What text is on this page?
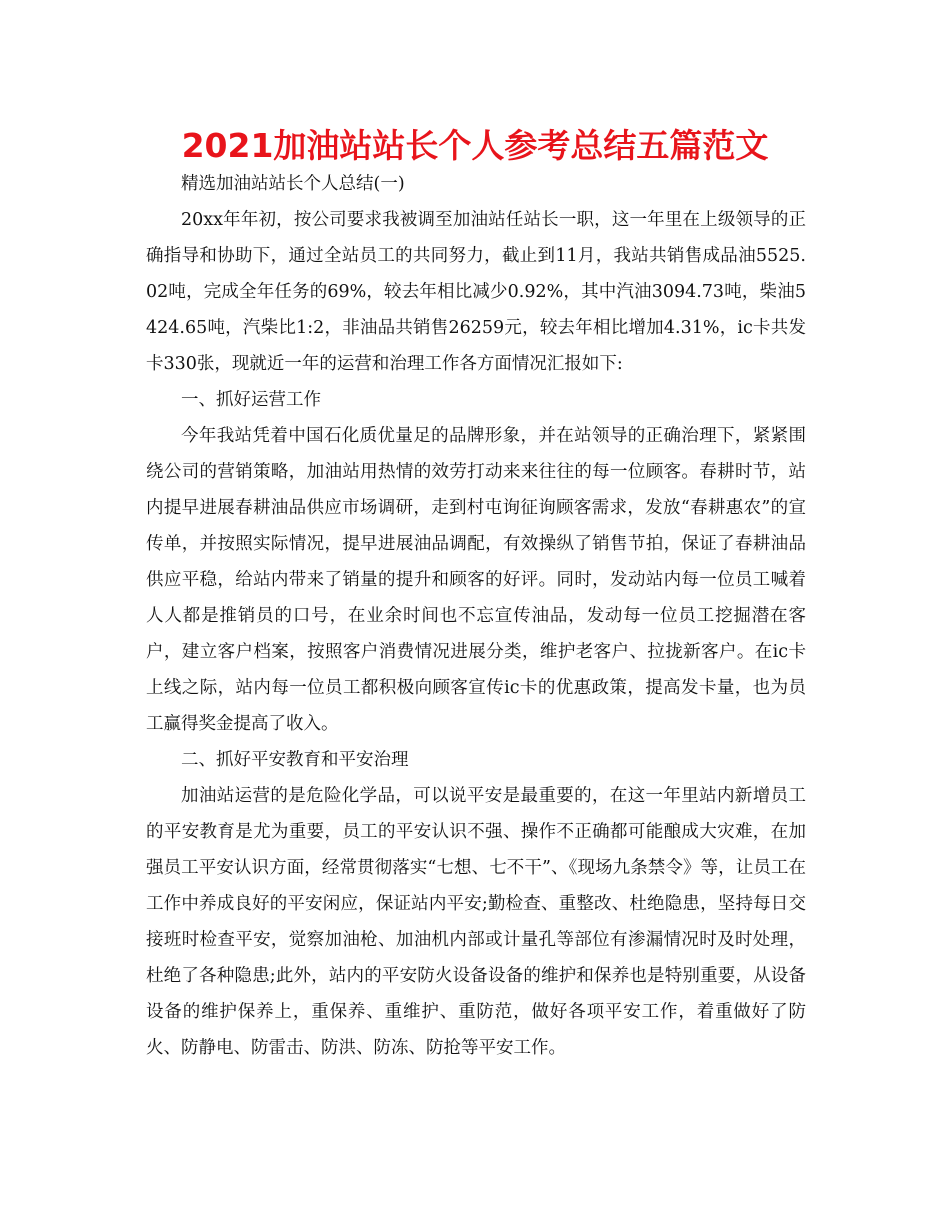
2021加油站站长个人参考总结五篇范文

精选加油站站长个人总结(一)

20xx年年初，按公司要求我被调至加油站任站长一职，这一年里在上级领导的正确指导和协助下，通过全站员工的共同努力，截止到11月，我站共销售成品油5525.02吨，完成全年任务的69%，较去年相比减少0.92%，其中汽油3094.73吨，柴油5424.65吨，汽柴比1:2，非油品共销售26259元，较去年相比增加4.31%，ic卡共发卡330张，现就近一年的运营和治理工作各方面情况汇报如下:

一、抓好运营工作

今年我站凭着中国石化质优量足的品牌形象，并在站领导的正确治理下，紧紧围绕公司的营销策略，加油站用热情的效劳打动来来往往的每一位顾客。春耕时节，站内提早进展春耕油品供应市场调研，走到村屯询征询顾客需求，发放“春耕惠农”的宣传单，并按照实际情况，提早进展油品调配，有效操纵了销售节拍，保证了春耕油品供应平稳，给站内带来了销量的提升和顾客的好评。同时，发动站内每一位员工喊着人人都是推销员的口号，在业余时间也不忘宣传油品，发动每一位员工挖掘潜在客户，建立客户档案，按照客户消费情况进展分类，维护老客户、拉拢新客户。在ic卡上线之际，站内每一位员工都积极向顾客宣传ic卡的优惠政策，提高发卡量，也为员工赢得奖金提高了收入。

二、抓好平安教育和平安治理

加油站运营的是危险化学品，可以说平安是最重要的，在这一年里站内新增员工的平安教育是尤为重要，员工的平安认识不强、操作不正确都可能酿成大灾难，在加强员工平安认识方面，经常贯彻落实“七想、七不干”、《现场九条禁令》等，让员工在工作中养成良好的平安闲应，保证站内平安;勤检查、重整改、杜绝隐患，坚持每日交接班时检查平安，觉察加油枪、加油机内部或计量孔等部位有渗漏情况时及时处理，杜绝了各种隐患;此外，站内的平安防火设备设备的维护和保养也是特别重要，从设备设备的维护保养上，重保养、重维护、重防范，做好各项平安工作，着重做好了防火、防静电、防雷击、防洪、防冻、防抢等平安工作。
